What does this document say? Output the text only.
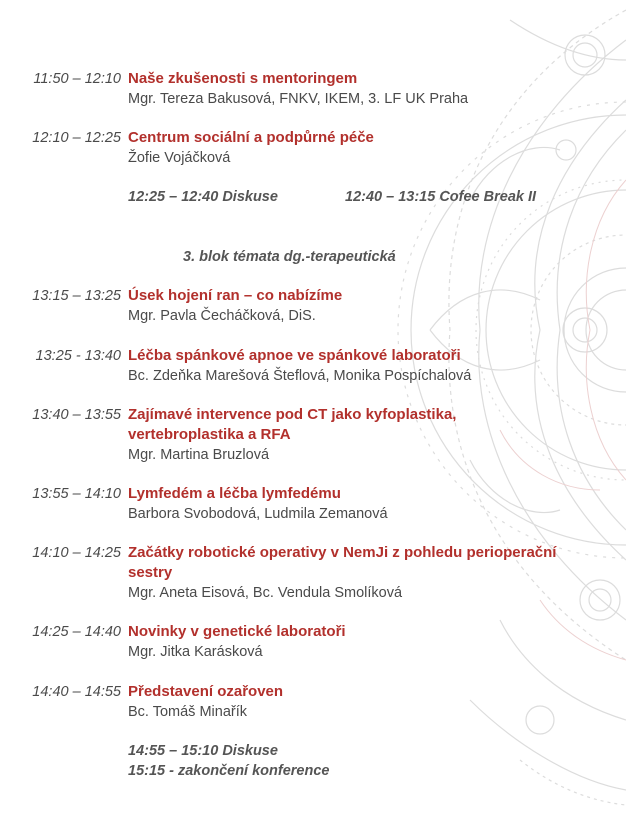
11:50 – 12:10 Naše zkušenosti s mentoringem
Mgr. Tereza Bakusová, FNKV, IKEM, 3. LF UK Praha
12:10 – 12:25 Centrum sociální a podpůrné péče
Žofie Vojáčková
12:25 – 12:40 Diskuse	12:40 – 13:15 Cofee Break II
3. blok témata dg.-terapeutická
13:15 – 13:25 Úsek hojení ran – co nabízíme
Mgr. Pavla Čecháčková, DiS.
13:25 - 13:40 Léčba spánkové apnoe ve spánkové laboratoři
Bc. Zdeňka Marešová Šteflová, Monika Pospíchalová
13:40 – 13:55 Zajímavé intervence pod CT jako kyfoplastika,
vertebroplastika a RFA
Mgr. Martina Bruzlová
13:55 – 14:10 Lymfedém a léčba lymfedému
Barbora Svobodová, Ludmila Zemanová
14:10 – 14:25 Začátky robotické operativy v NemJi z pohledu perioperační
sestry
Mgr. Aneta Eisová, Bc. Vendula Smolíková
14:25 – 14:40 Novinky v genetické laboratoři
Mgr. Jitka Karásková
14:40 – 14:55 Představení ozařoven
Bc. Tomáš Minařík
14:55 – 15:10 Diskuse
15:15 - zakončení konference
